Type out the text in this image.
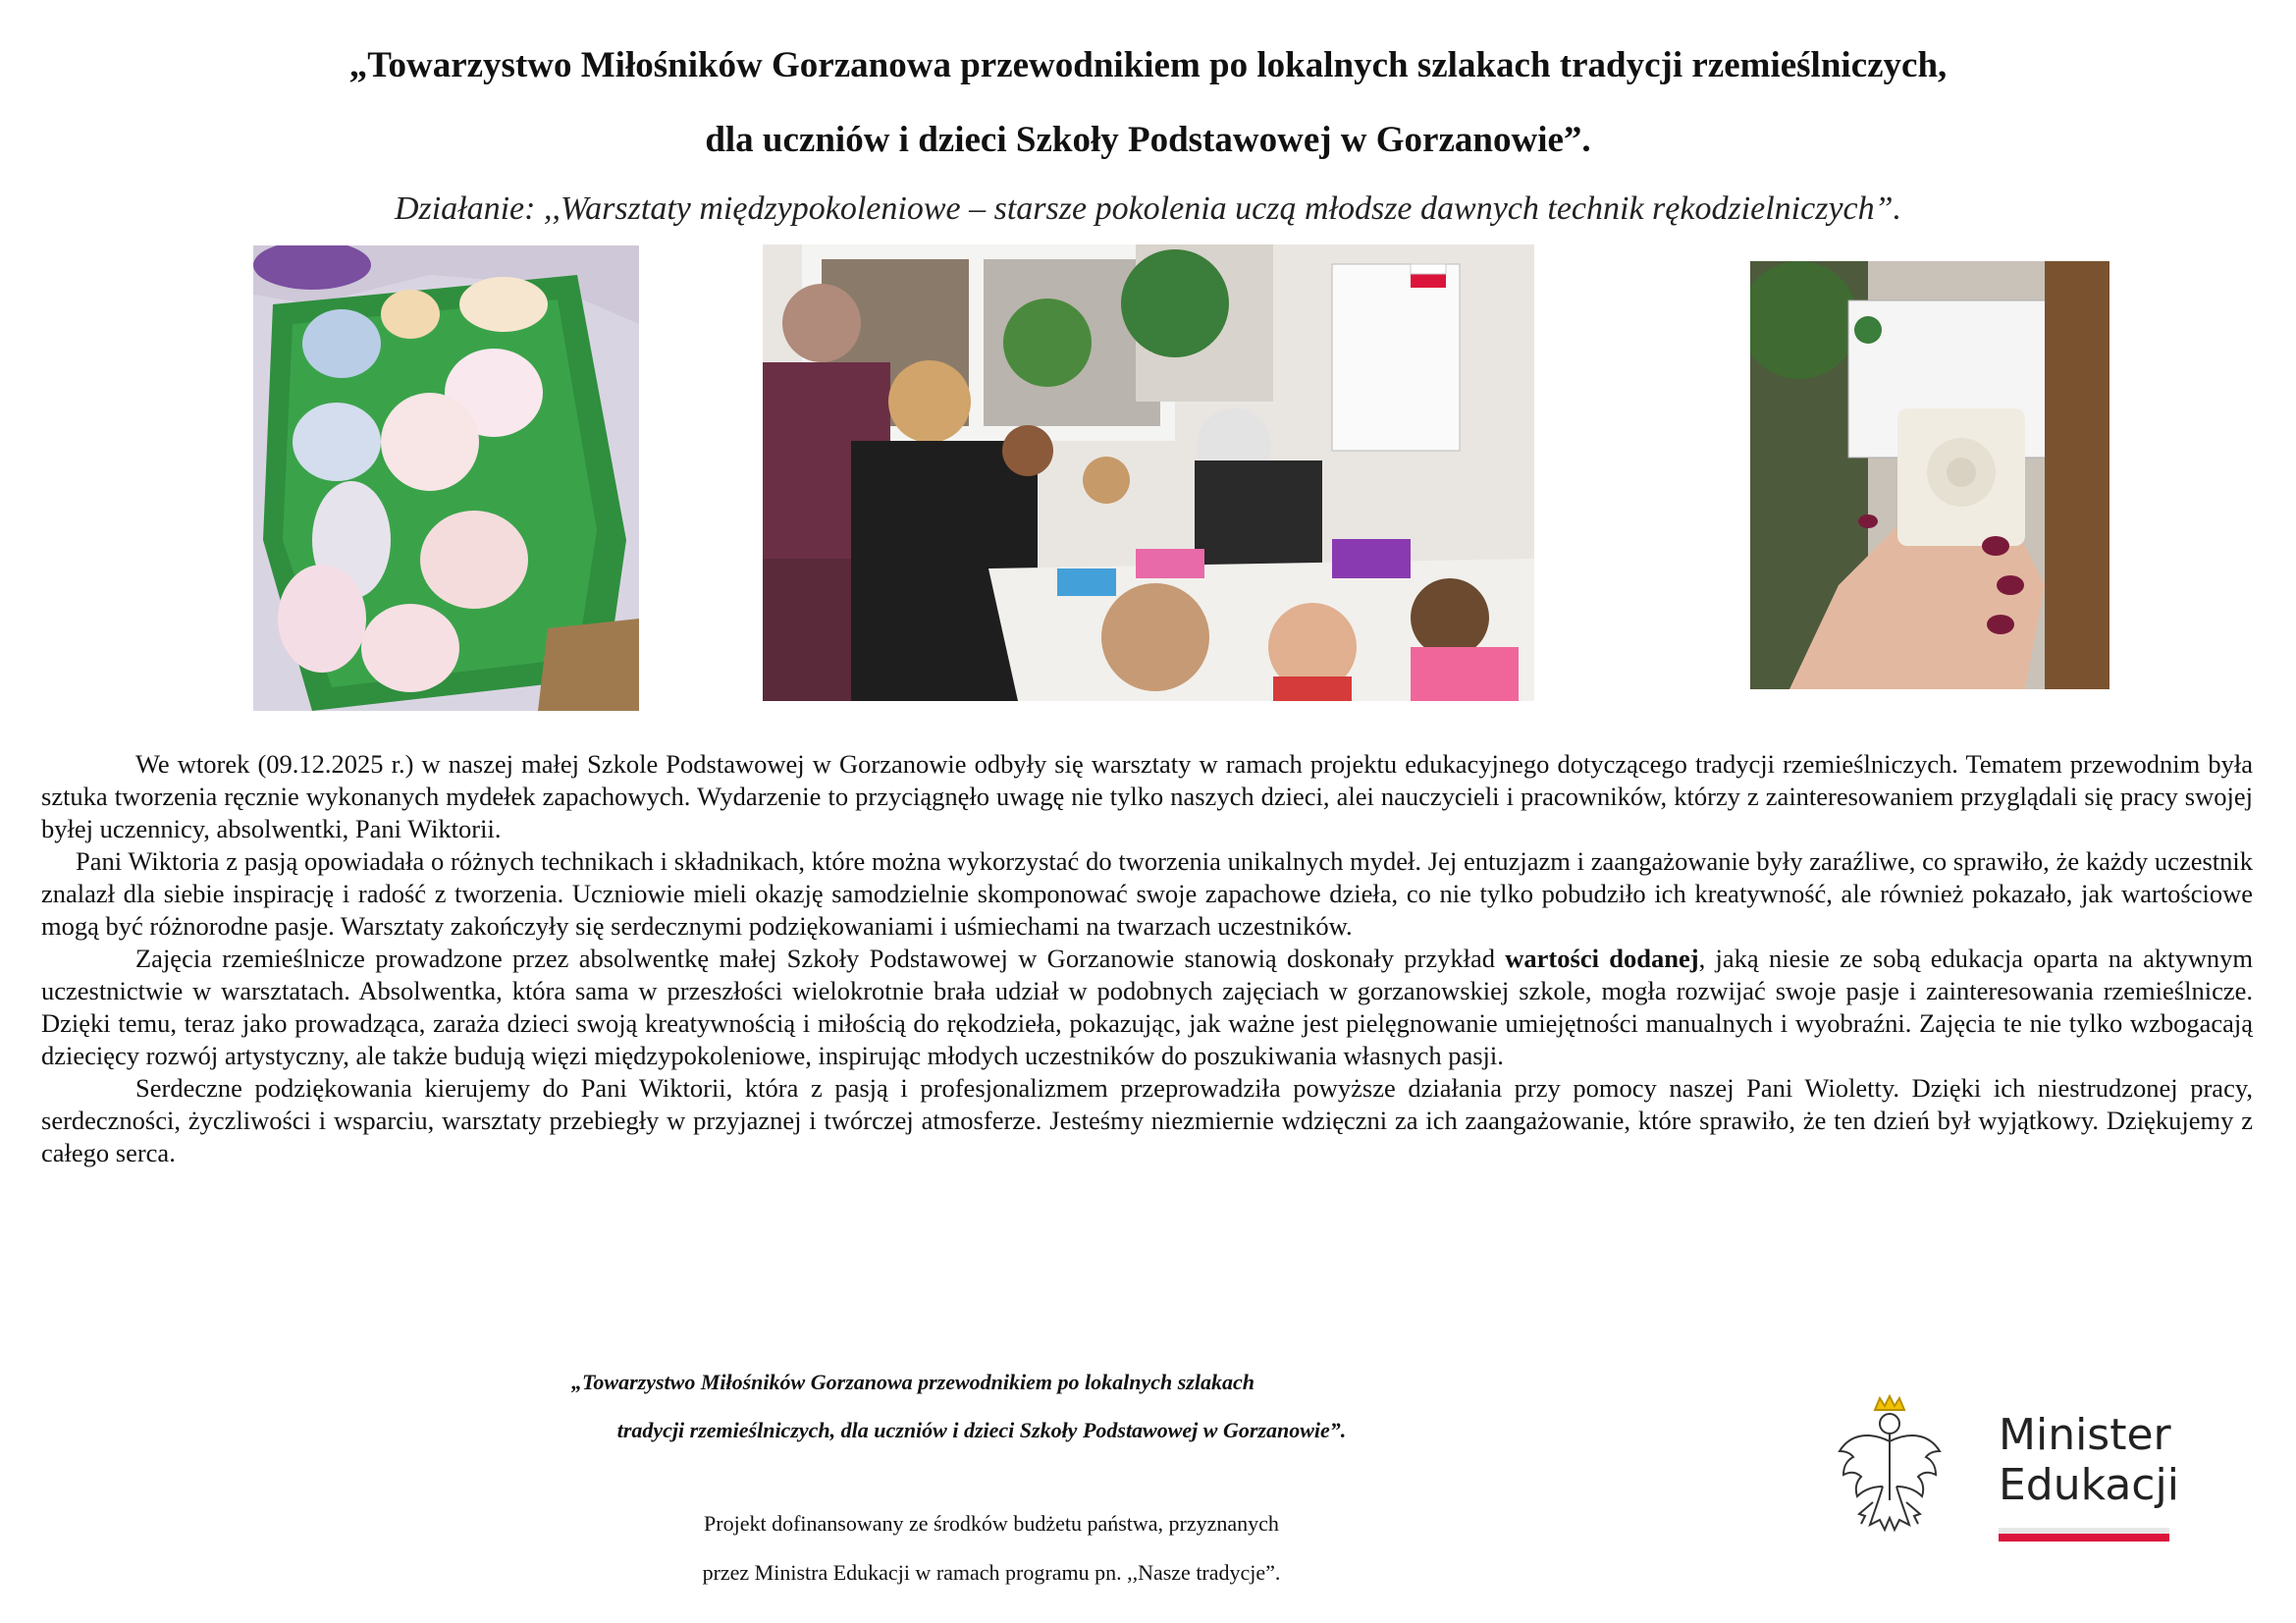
„Towarzystwo Miłośników Gorzanowa przewodnikiem po lokalnych szlakach tradycji rzemieślniczych,
dla uczniów i dzieci Szkoły Podstawowej w Gorzanowie”.
Działanie: ,,Warsztaty międzypokoleniowe – starsze pokolenia uczą młodsze dawnych technik rękodzielniczych”.

We wtorek (09.12.2025 r.) w naszej małej Szkole Podstawowej w Gorzanowie odbyły się warsztaty w ramach projektu edukacyjnego dotyczącego tradycji rzemieślniczych. Tematem przewodnim była sztuka tworzenia ręcznie wykonanych mydełek zapachowych. Wydarzenie to przyciągnęło uwagę nie tylko naszych dzieci, alei nauczycieli i pracowników, którzy z zainteresowaniem przyglądali się pracy swojej byłej uczennicy, absolwentki, Pani Wiktorii.

Pani Wiktoria z pasją opowiadała o różnych technikach i składnikach, które można wykorzystać do tworzenia unikalnych mydeł. Jej entuzjazm i zaangażowanie były zaraźliwe, co sprawiło, że każdy uczestnik znalazł dla siebie inspirację i radość z tworzenia. Uczniowie mieli okazję samodzielnie skomponować swoje zapachowe dzieła, co nie tylko pobudziło ich kreatywność, ale również pokazało, jak wartościowe mogą być różnorodne pasje. Warsztaty zakończyły się serdecznymi podziękowaniami i uśmiechami na twarzach uczestników.

Zajęcia rzemieślnicze prowadzone przez absolwentkę małej Szkoły Podstawowej w Gorzanowie stanowią doskonały przykład wartości dodanej, jaką niesie ze sobą edukacja oparta na aktywnym uczestnictwie w warsztatach. Absolwentka, która sama w przeszłości wielokrotnie brała udział w podobnych zajęciach w gorzanowskiej szkole, mogła rozwijać swoje pasje i zainteresowania rzemieślnicze. Dzięki temu, teraz jako prowadząca, zaraża dzieci swoją kreatywnością i miłością do rękodzieła, pokazując, jak ważne jest pielęgnowanie umiejętności manualnych i wyobraźni. Zajęcia te nie tylko wzbogacają dziecięcy rozwój artystyczny, ale także budują więzi międzypokoleniowe, inspirując młodych uczestników do poszukiwania własnych pasji.

Serdeczne podziękowania kierujemy do Pani Wiktorii, która z pasją i profesjonalizmem przeprowadziła powyższe działania przy pomocy naszej Pani Wioletty. Dzięki ich niestrudzonej pracy, serdeczności, życzliwości i wsparciu, warsztaty przebiegły w przyjaznej i twórczej atmosferze. Jesteśmy niezmiernie wdzięczni za ich zaangażowanie, które sprawiło, że ten dzień był wyjątkowy. Dziękujemy z całego serca.

„Towarzystwo Miłośników Gorzanowa przewodnikiem po lokalnych szlakach
tradycji rzemieślniczych, dla uczniów i dzieci Szkoły Podstawowej w Gorzanowie”.
Projekt dofinansowany ze środków budżetu państwa, przyznanych
przez Ministra Edukacji w ramach programu pn. ,,Nasze tradycje”.
Minister
Edukacji
